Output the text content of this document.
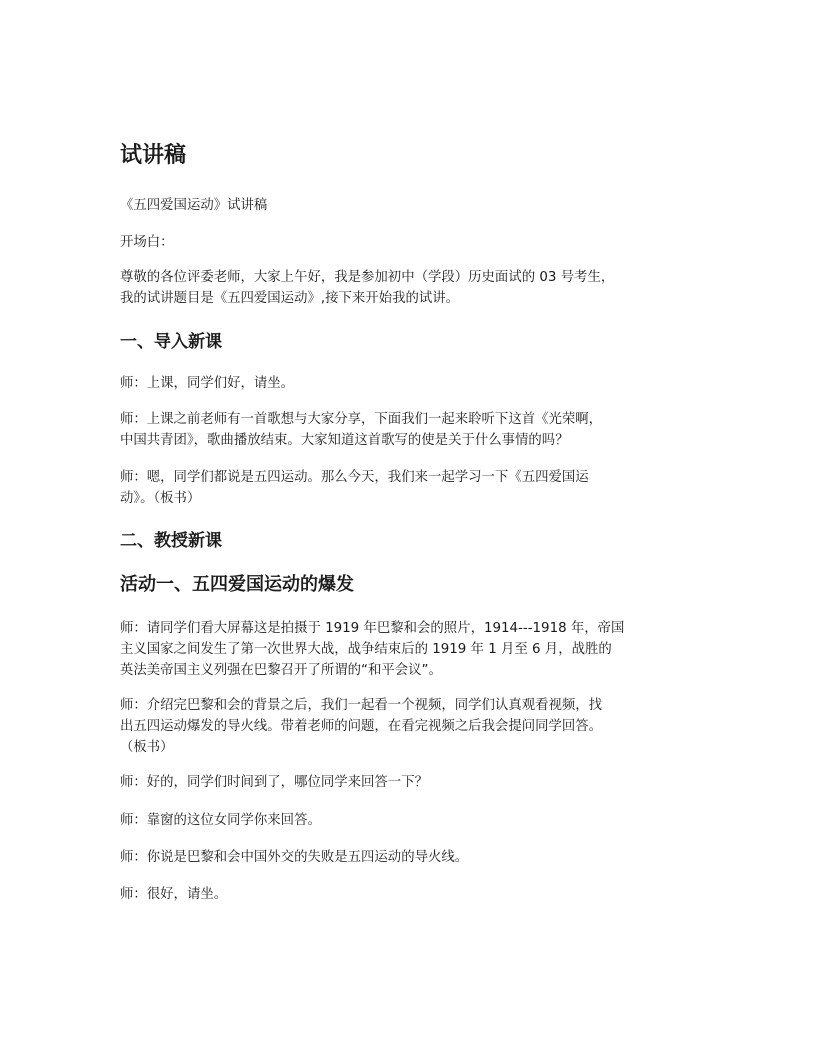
试讲稿
《五四爱国运动》试讲稿
开场白：
尊敬的各位评委老师，大家上午好，我是参加初中（学段）历史面试的 03 号考生，
我的试讲题目是《五四爱国运动》,接下来开始我的试讲。
一、导入新课
师：上课，同学们好，请坐。
师：上课之前老师有一首歌想与大家分享，下面我们一起来聆听下这首《光荣啊，
中国共青团》，歌曲播放结束。大家知道这首歌写的使是关于什么事情的吗？
师：嗯，同学们都说是五四运动。那么今天，我们来一起学习一下《五四爱国运
动》。（板书）
二、教授新课
活动一、五四爱国运动的爆发
师：请同学们看大屏幕这是拍摄于 1919 年巴黎和会的照片，1914---1918 年，帝国
主义国家之间发生了第一次世界大战，战争结束后的 1919 年 1 月至 6 月，战胜的
英法美帝国主义列强在巴黎召开了所谓的“和平会议”。
师：介绍完巴黎和会的背景之后，我们一起看一个视频，同学们认真观看视频，找
出五四运动爆发的导火线。带着老师的问题，在看完视频之后我会提问同学回答。
（板书）
师：好的，同学们时间到了，哪位同学来回答一下？
师：靠窗的这位女同学你来回答。
师：你说是巴黎和会中国外交的失败是五四运动的导火线。
师：很好，请坐。
